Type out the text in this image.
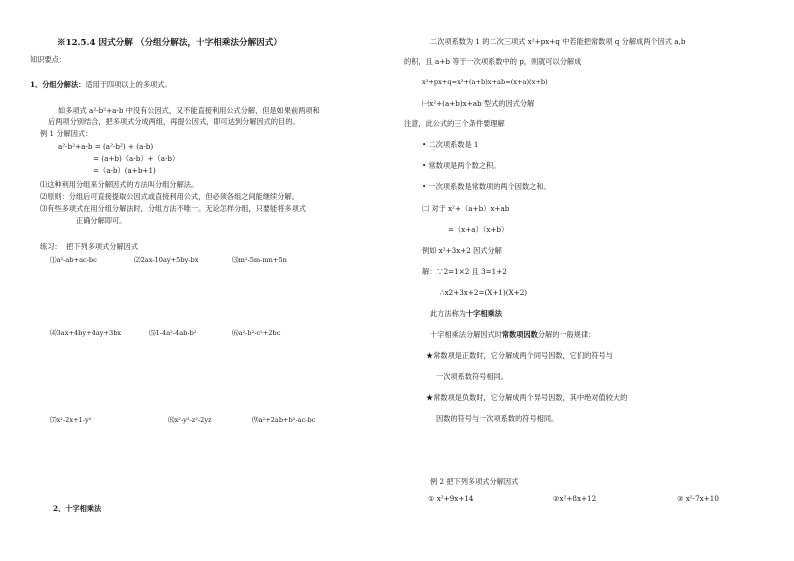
※12.5.4 因式分解 （分组分解法，十字相乘法分解因式）
知识要点：
1、分组分解法：适用于四项以上的多项式。
如多项式 a²-b²+a-b 中没有公因式，又不能直接利用公式分解，但是如果前两项和
后两项分别结合，把多项式分成两组，再提公因式，即可达到分解因式的目的。
例 1 分解因式：
a²-b²+a-b = (a²-b²) + (a-b)
= (a+b)（a-b）+（a-b）
=（a-b）(a+b+1)
⑴这种利用分组来分解因式的方法叫分组分解法。
⑵原则：分组后可直接提取公因式或直接利用公式，但必须各组之间能继续分解。
⑶有些多项式在用分组分解法时，分组方法不唯一。无论怎样分组，只要能将多项式
正确分解即可。
练习： 把下列多项式分解因式
⑴a²-ab+ac-bc	⑵2ax-10ay+5by-bx	⑶m²-5m-mn+5n
⑷3ax+4by+4ay+3bx	⑸1-4a²-4ab-b²	⑹a²-b²-c²+2bc
⑺x²-2x+1-y²	⑻x²-y²-z²-2yz	⑼a²+2ab+b²-ac-bc
2、十字相乘法
二次项系数为 1 的二次三项式 x²+px+q 中若能把常数项 q 分解成两个因式 a,b
的积，且 a+b 等于一次项系数中的 p，则就可以分解成
x²+px+q=x²+(a+b)x+ab=(x+a)(x+b)
㈠x²+(a+b)x+ab 型式的因式分解
注意，此公式的三个条件要理解
• 二次项系数是 1
• 常数项是两个数之积。
• 一次项系数是常数项的两个因数之和。
㈡ 对于 x²+（a+b）x+ab
=（x+a）（x+b）
例如 x²+3x+2 因式分解
解：∵2=1×2 且 3=1+2
∴x2+3x+2=(X+1)(X+2)
此方法称为十字相乘法
十字相乘法分解因式时常数项因数分解的一般规律：
★常数项是正数时，它分解成两个同号因数，它们的符号与
一次项系数符号相同。
★常数项是负数时，它分解成两个异号因数，其中绝对值较大的
因数的符号与一次项系数的符号相同。
例 2 把下列多项式分解因式
① x²+9x+14	②x²+8x+12	③ x²-7x+10
